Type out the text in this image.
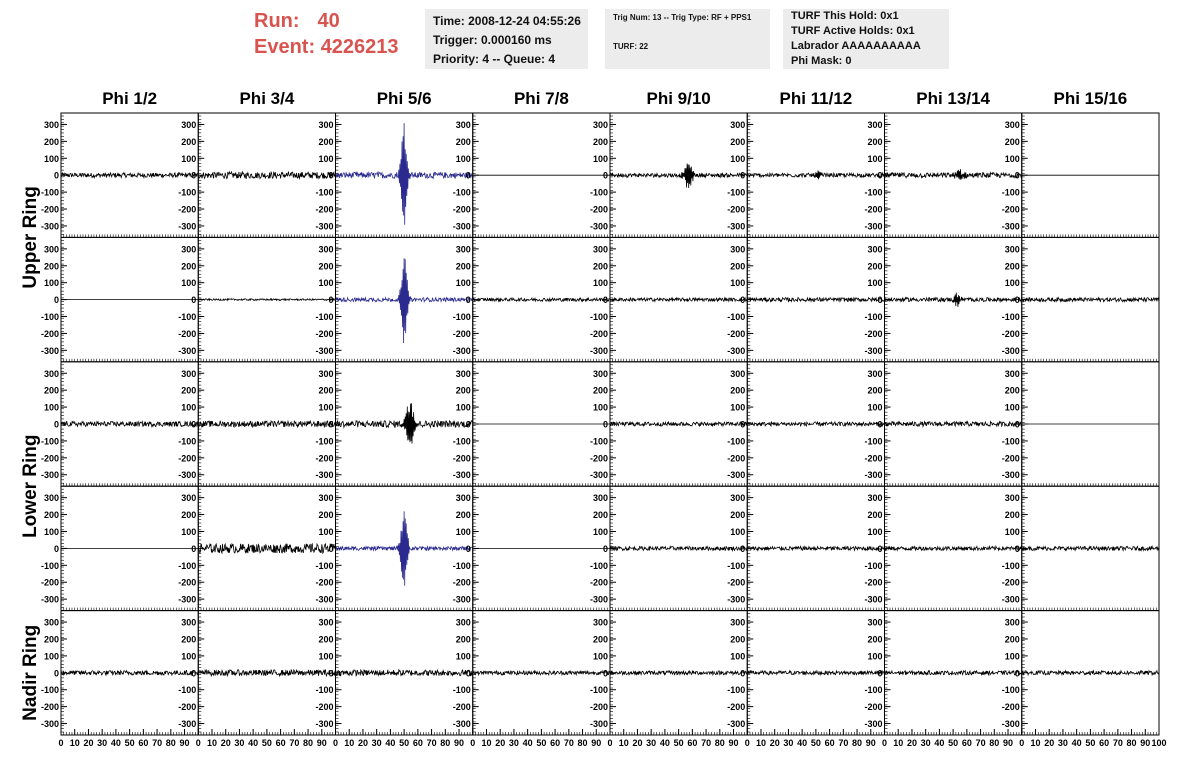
Run: 40
Event: 4226213
Time: 2008-12-24 04:55:26
Trigger: 0.000160 ms
Priority: 4 -- Queue: 4
Trig Num: 13 -- Trig Type: RF + PPS1
TURF: 22
TURF This Hold: 0x1
TURF Active Holds: 0x1
Labrador AAAAAAAAAA
Phi Mask: 0
Phi 1/2	Phi 3/4	Phi 5/6	Phi 7/8	Phi 9/10	Phi 11/12	Phi 13/14	Phi 15/16
Upper Ring
Lower Ring
Nadir Ring
300
200
100
0
-100
-200
-300
300
200
100
0
-100
-200
-300
300
200
100
0
-100
-200
-300
300
200
100
0
-100
-200
-300
300
200
100
0
-100
-200
-300
300
200
100
0
-100
-200
-300
300
200
100
0
-100
-200
-300
300
200
100
0
-100
-200
-300
300
200
100
0
-100
-200
-300
300
200
100
0
-100
-200
-300
300
200
100
0
-100
-200
-300
300
200
100
0
-100
-200
-300
300
200
100
0
-100
-200
-300
300
200
100
0
-100
-200
-300
300
200
100
0
-100
-200
-300
300
200
100
0
-100
-200
-300
300
200
100
0
-100
-200
-300
300
200
100
0
-100
-200
-300
300
200
100
0
-100
-200
-300
300
200
100
0
-100
-200
-300
300
200
100
0
-100
-200
-300
300
200
100
0
-100
-200
-300
300
200
100
0
-100
-200
-300
300
200
100
0
-100
-200
-300
300
200
100
0
-100
-200
-300
300
200
100
0
-100
-200
-300
300
200
100
0
-100
-200
-300
300
200
100
0
-100
-200
-300
300
200
100
0
-100
-200
-300
300
200
100
0
-100
-200
-300
300
200
100
0
-100
-200
-300
300
200
100
0
-100
-200
-300
300
200
100
0
-100
-200
-300
300
200
100
0
-100
-200
-300
300
200
100
0
-100
-200
-300
300
200
100
0
-100
-200
-300
300
200
100
0
-100
-200
-300
300
200
100
0
-100
-200
-300
300
200
100
0
-100
-200
-300
300
200
100
0
-100
-200
-300
0 10 20 30 40 50 60 70 80 90 0 10 20 30 40 50 60 70 80 90 0 10 20 30 40 50 60 70 80 90 0 10 20 30 40 50 60 70 80 90 0 10 20 30 40 50 60 70 80 90 0 10 20 30 40 50 60 70 80 90 0 10 20 30 40 50 60 70 80 90 0 10 20 30 40 50 60 70 80 90 100
